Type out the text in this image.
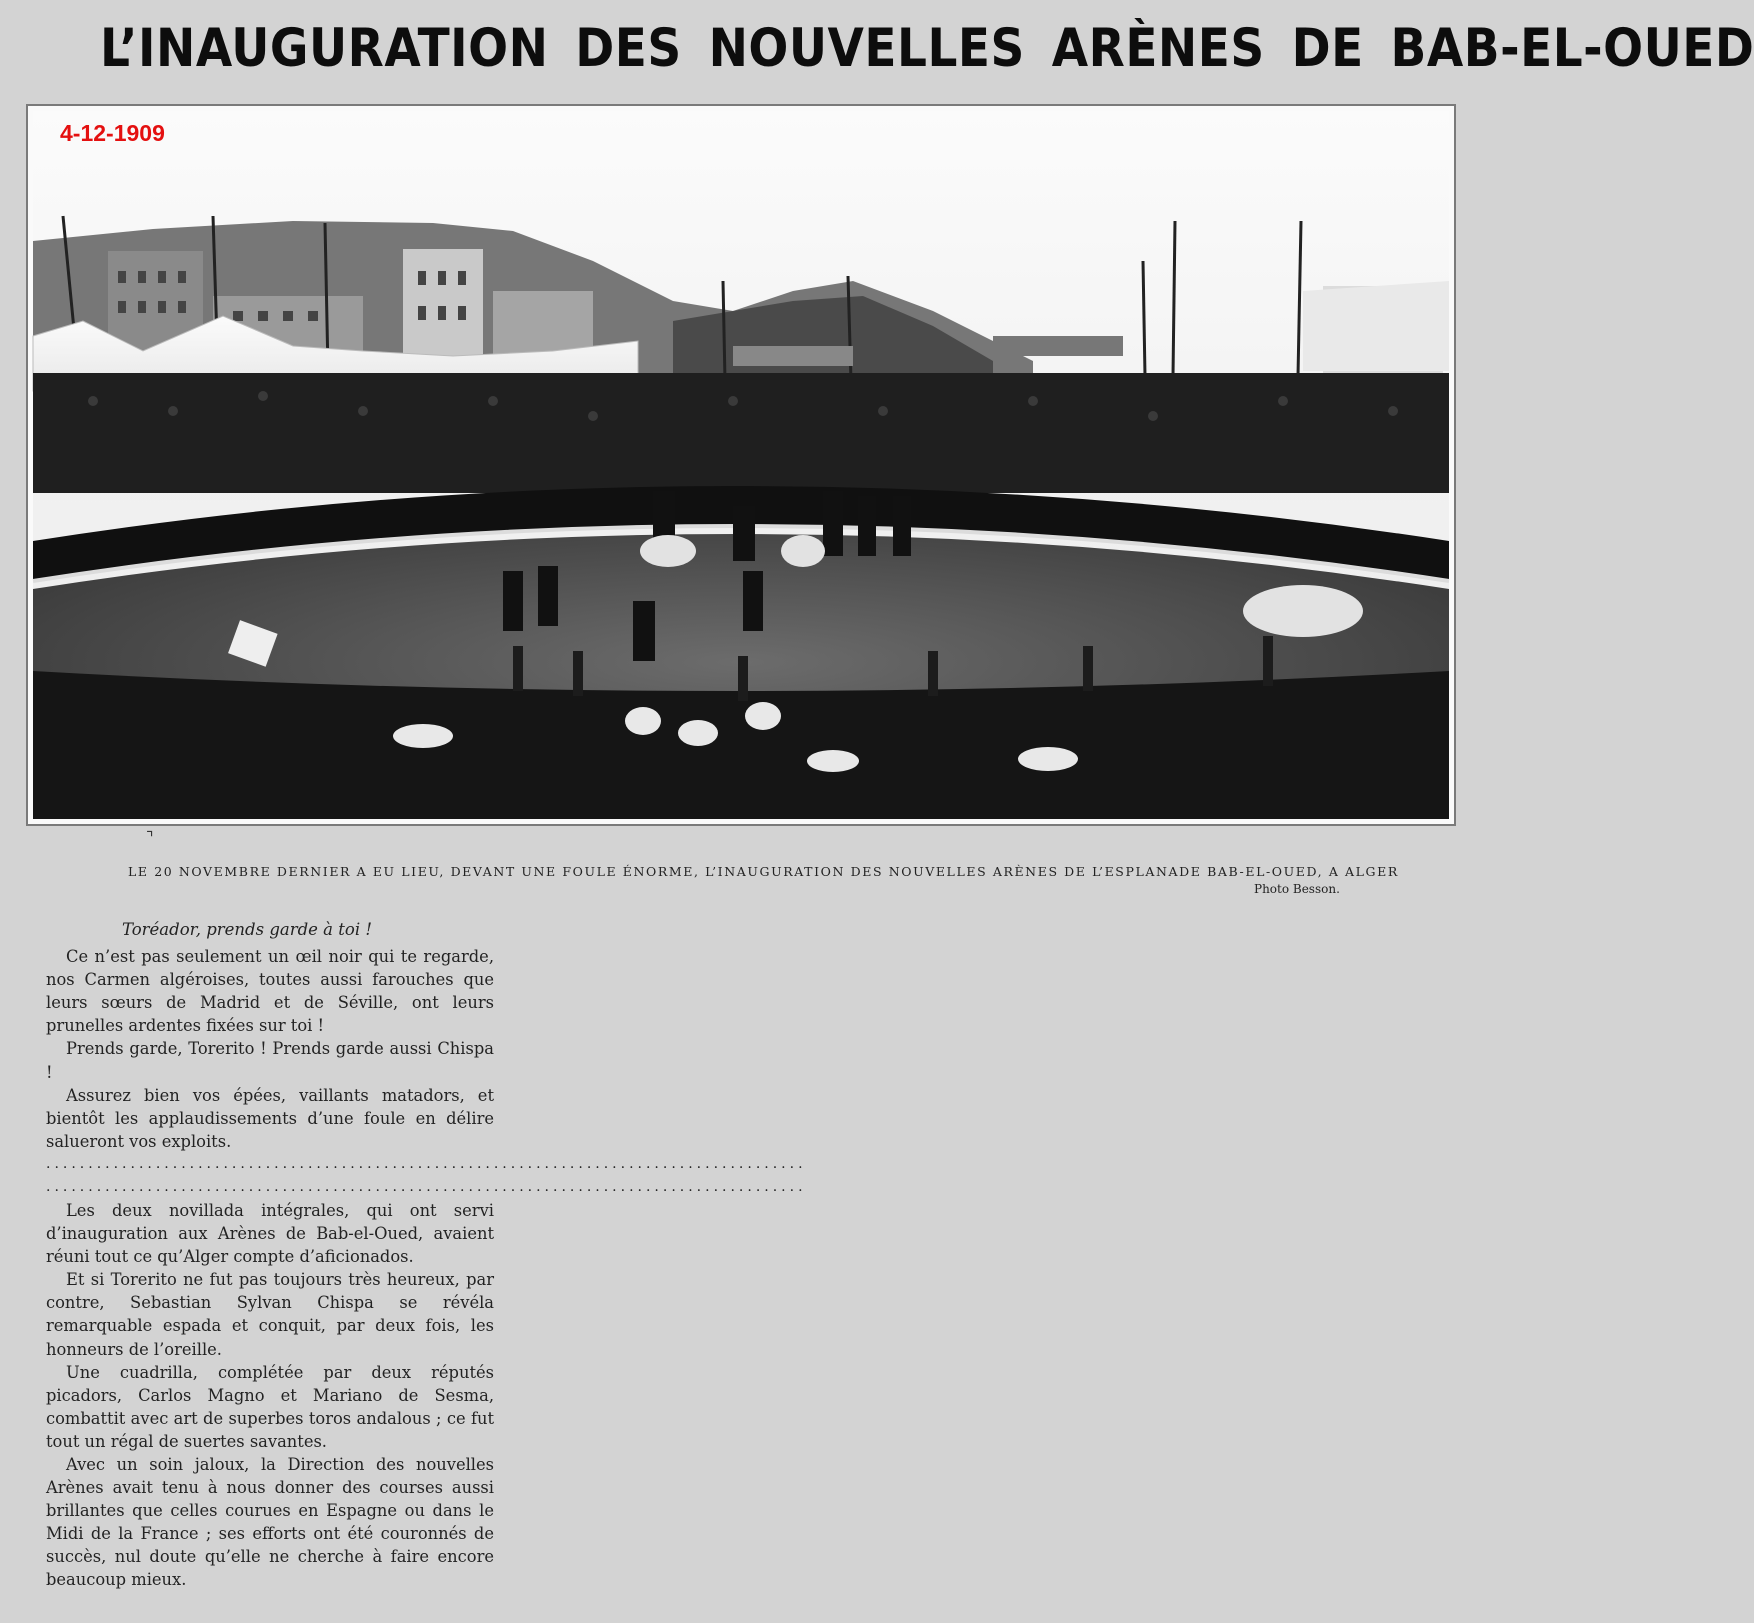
L’INAUGURATION DES NOUVELLES ARÈNES DE BAB-EL-OUED
4-12-1909
⌝
LE 20 NOVEMBRE DERNIER A EU LIEU, DEVANT UNE FOULE ÉNORME, L’INAUGURATION DES NOUVELLES ARÈNES DE L’ESPLANADE BAB-EL-OUED, A ALGER
Photo Besson.
Toréador, prends garde à toi !

Ce n’est pas seulement un œil noir qui te regarde, nos Carmen algéroises, toutes aussi farouches que leurs sœurs de Madrid et de Séville, ont leurs prunelles ardentes fixées sur toi !

Prends garde, Torerito ! Prends garde aussi Chispa !

Assurez bien vos épées, vaillants matadors, et bientôt les applaudissements d’une foule en délire salueront vos exploits.

..........................................................................................
..........................................................................................

Les deux novillada intégrales, qui ont servi d’inauguration aux Arènes de Bab-el-Oued, avaient réuni tout ce qu’Alger compte d’aficionados.

Et si Torerito ne fut pas toujours très heureux, par contre, Sebastian Sylvan Chispa se révéla remarquable espada et conquit, par deux fois, les honneurs de l’oreille.

Une cuadrilla, complétée par deux réputés picadors, Carlos Magno et Mariano de Sesma, combattit avec art de superbes toros andalous ; ce fut tout un régal de suertes savantes.

Avec un soin jaloux, la Direction des nouvelles Arènes avait tenu à nous donner des courses aussi brillantes que celles courues en Espagne ou dans le Midi de la France ; ses efforts ont été couronnés de succès, nul doute qu’elle ne cherche à faire encore beaucoup mieux.
